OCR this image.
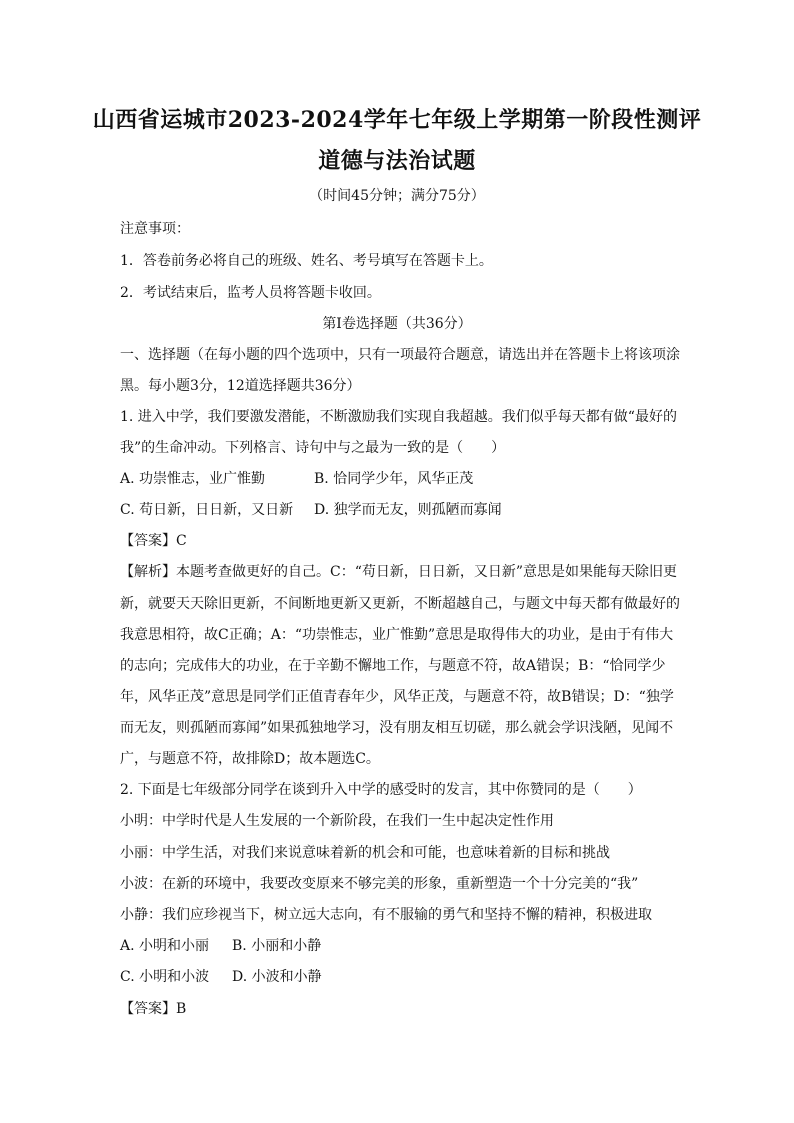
山西省运城市2023-2024学年七年级上学期第一阶段性测评
道德与法治试题
（时间45分钟；满分75分）
注意事项：
1．答卷前务必将自己的班级、姓名、考号填写在答题卡上。
2．考试结束后，监考人员将答题卡收回。
第I卷选择题（共36分）
一、选择题（在每小题的四个选项中，只有一项最符合题意，请选出并在答题卡上将该项涂
黑。每小题3分，12道选择题共36分）
1. 进入中学，我们要激发潜能，不断激励我们实现自我超越。我们似乎每天都有做“最好的
我”的生命冲动。下列格言、诗句中与之最为一致的是（　　）
A. 功崇惟志，业广惟勤	B. 恰同学少年，风华正茂
C. 苟日新，日日新，又日新 D. 独学而无友，则孤陋而寡闻
【答案】C
【解析】本题考查做更好的自己。C：“苟日新，日日新，又日新”意思是如果能每天除旧更
新，就要天天除旧更新，不间断地更新又更新，不断超越自己，与题文中每天都有做最好的
我意思相符，故C正确；A：“功崇惟志，业广惟勤”意思是取得伟大的功业，是由于有伟大
的志向；完成伟大的功业，在于辛勤不懈地工作，与题意不符，故A错误；B：“恰同学少
年，风华正茂”意思是同学们正值青春年少，风华正茂，与题意不符，故B错误；D：“独学
而无友，则孤陋而寡闻”如果孤独地学习，没有朋友相互切磋，那么就会学识浅陋，见闻不
广，与题意不符，故排除D；故本题选C。
2. 下面是七年级部分同学在谈到升入中学的感受时的发言，其中你赞同的是（　　）
小明：中学时代是人生发展的一个新阶段，在我们一生中起决定性作用
小丽：中学生活，对我们来说意味着新的机会和可能，也意味着新的目标和挑战
小波：在新的环境中，我要改变原来不够完美的形象，重新塑造一个十分完美的“我”
小静：我们应珍视当下，树立远大志向，有不服输的勇气和坚持不懈的精神，积极进取
A. 小明和小丽 B. 小丽和小静
C. 小明和小波 D. 小波和小静
【答案】B
